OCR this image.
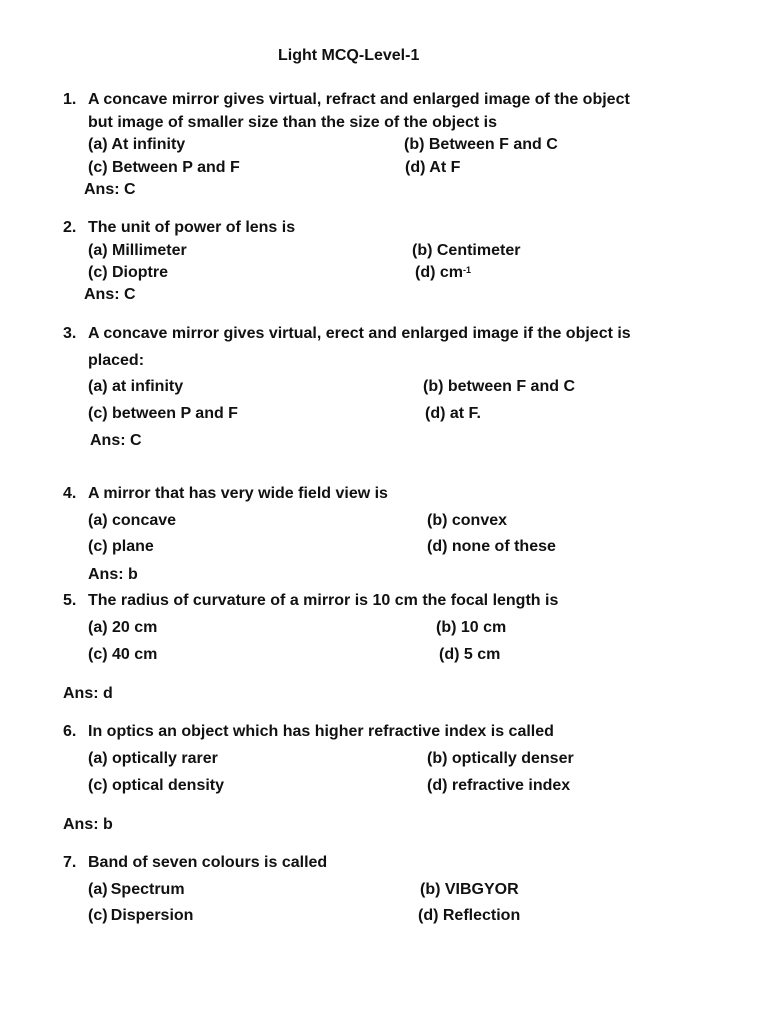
Light MCQ-Level-1
1. A concave mirror gives virtual, refract and enlarged image of the object
but image of smaller size than the size of the object is
(a) At infinity	(b) Between F and C
(c) Between P and F	(d) At F
Ans: C
2. The unit of power of lens is
(a) Millimeter	(b) Centimeter
(c) Dioptre	(d) $cm^{-1}$
Ans: C
3. A concave mirror gives virtual, erect and enlarged image if the object is
placed:
(a) at infinity	(b) between F and C
(c) between P and F	(d) at F.
Ans: C
4. A mirror that has very wide field view is
(a) concave	(b) convex
(c) plane	(d) none of these
Ans: b
5. The radius of curvature of a mirror is 10 cm the focal length is
(a) 20 cm	(b) 10 cm
(c) 40 cm	(d) 5 cm
Ans: d
6. In optics an object which has higher refractive index is called
(a) optically rarer	(b) optically denser
(c) optical density	(d) refractive index
Ans: b
7. Band of seven colours is called
(a) Spectrum	(b) VIBGYOR
(c) Dispersion	(d) Reflection
